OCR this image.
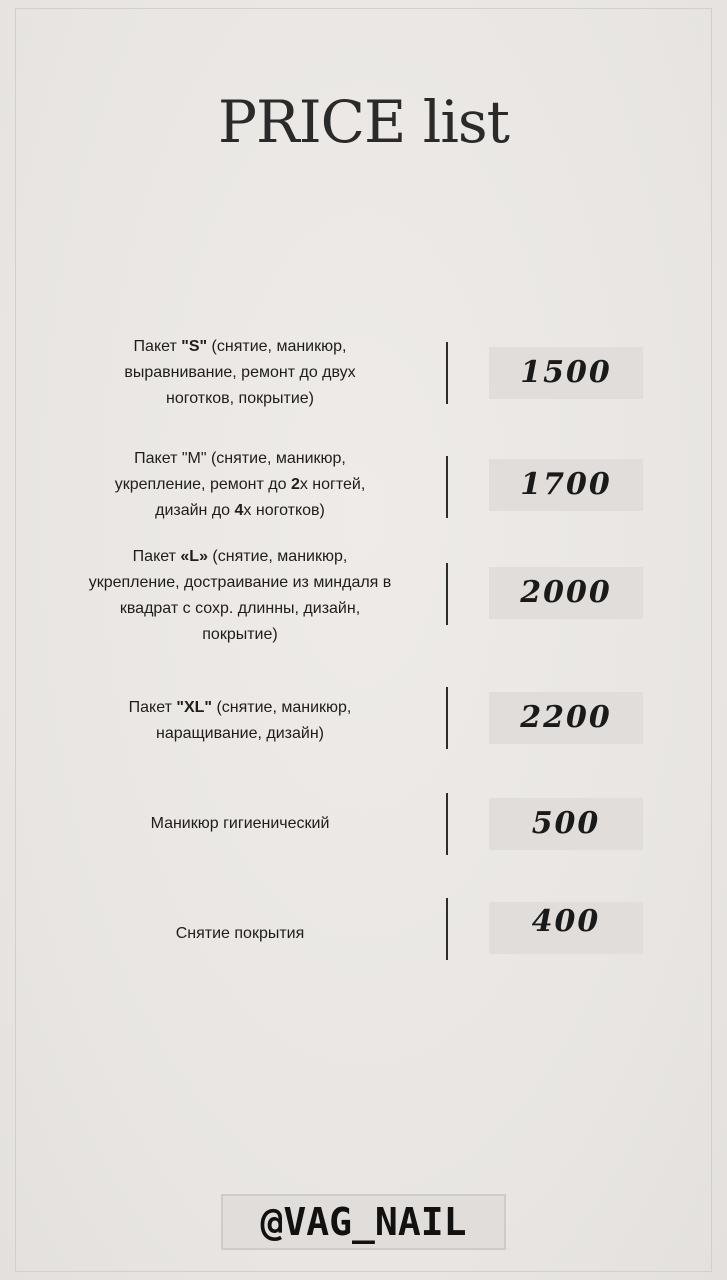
PRICE list
Пакет "S" (снятие, маникюр,
выравнивание, ремонт до двух
ноготков, покрытие)
1500
Пакет "M" (снятие, маникюр,
укрепление, ремонт до 2х ногтей,
дизайн до 4х ноготков)
1700
Пакет «L» (снятие, маникюр,
укрепление, достраивание из миндаля в
квадрат с сохр. длинны, дизайн,
покрытие)
2000
Пакет "XL" (снятие, маникюр,
наращивание, дизайн)	2200
Маникюр гигиенический	500
Снятие покрытия	400
@VAG_NAIL
